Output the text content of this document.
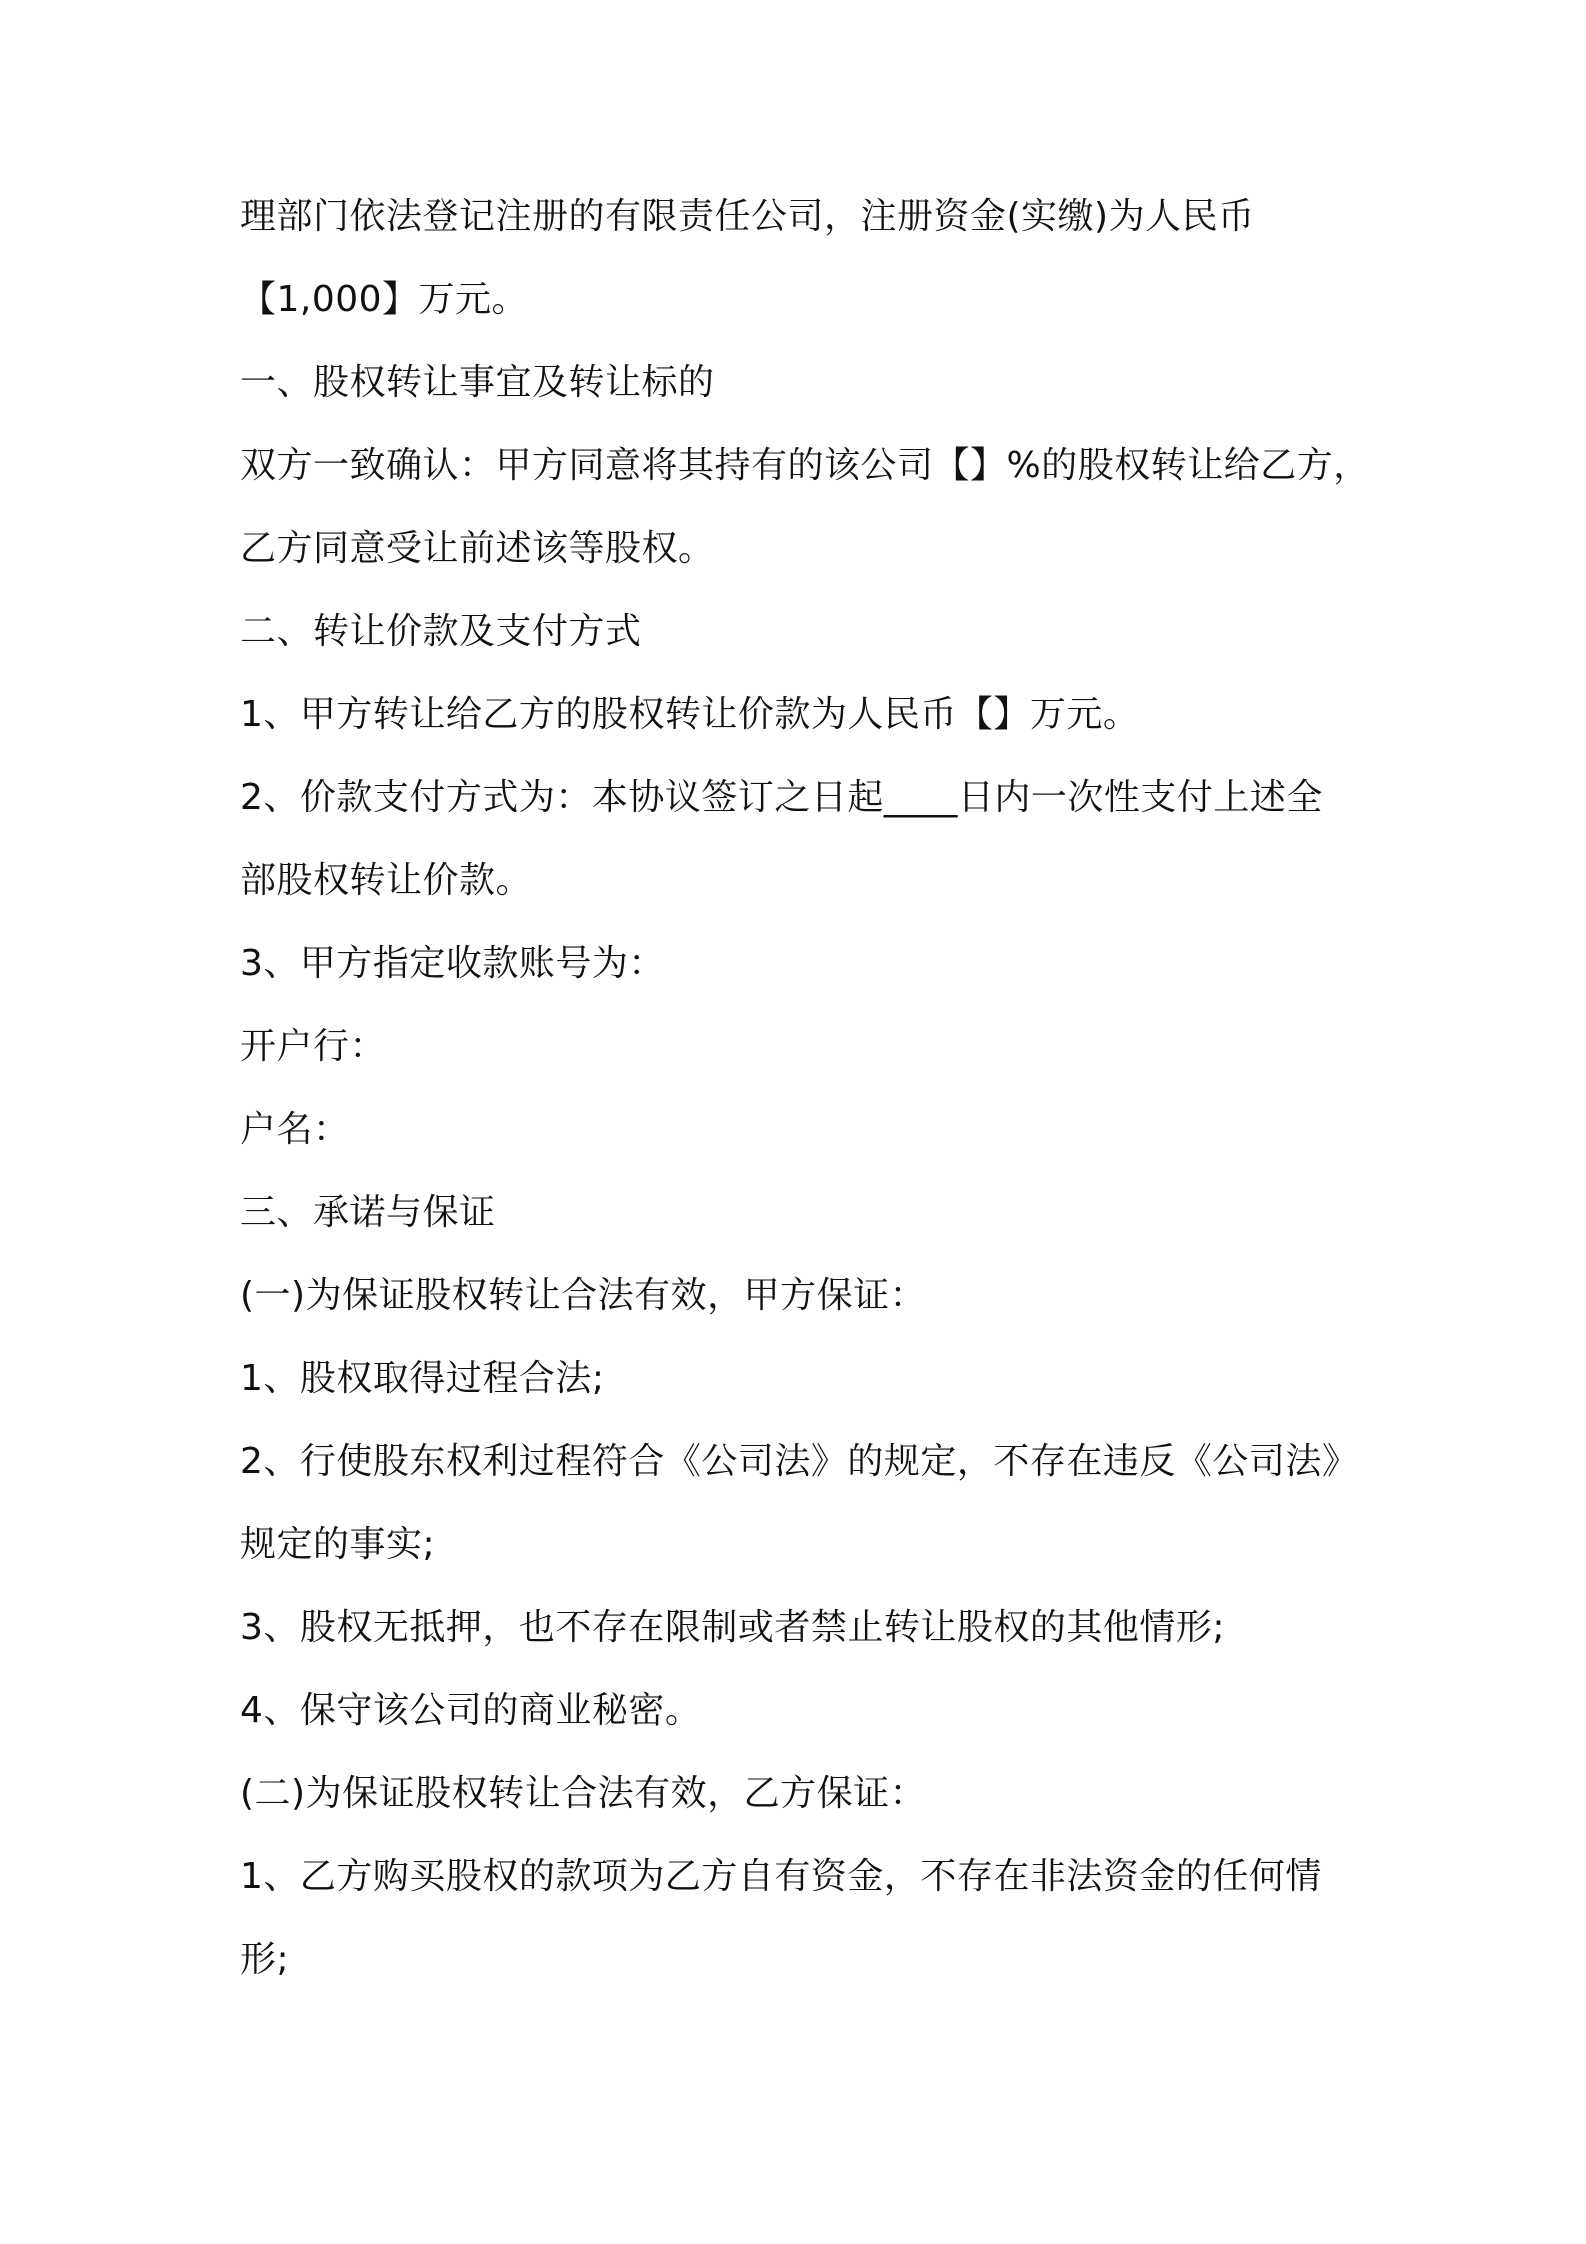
理部门依法登记注册的有限责任公司，注册资金(实缴)为人民币
【1,000】万元。
一、股权转让事宜及转让标的
双方一致确认：甲方同意将其持有的该公司【】%的股权转让给乙方，
乙方同意受让前述该等股权。
二、转让价款及支付方式
1、甲方转让给乙方的股权转让价款为人民币【】万元。
2、价款支付方式为：本协议签订之日起____日内一次性支付上述全
部股权转让价款。
3、甲方指定收款账号为：
开户行：
户名：
三、承诺与保证
(一)为保证股权转让合法有效，甲方保证：
1、股权取得过程合法;
2、行使股东权利过程符合《公司法》的规定，不存在违反《公司法》
规定的事实;
3、股权无抵押，也不存在限制或者禁止转让股权的其他情形;
4、保守该公司的商业秘密。
(二)为保证股权转让合法有效，乙方保证：
1、乙方购买股权的款项为乙方自有资金，不存在非法资金的任何情
形;
